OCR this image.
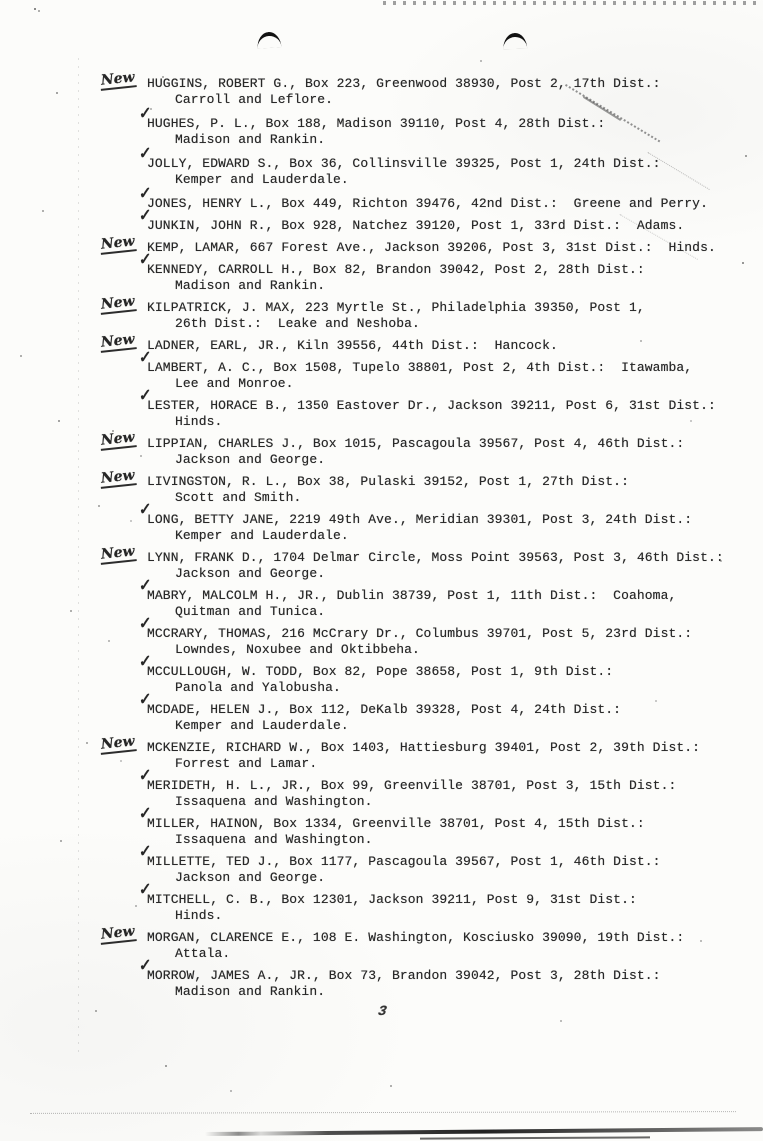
New HUGGINS, ROBERT G., Box 223, Greenwood 38930, Post 2, 17th Dist.:
Carroll and Leflore.
✓
HUGHES, P. L., Box 188, Madison 39110, Post 4, 28th Dist.:
Madison and Rankin.
✓
JOLLY, EDWARD S., Box 36, Collinsville 39325, Post 1, 24th Dist.:
Kemper and Lauderdale.
✓
JONES, HENRY L., Box 449, Richton 39476, 42nd Dist.:  Greene and Perry.
✓
JUNKIN, JOHN R., Box 928, Natchez 39120, Post 1, 33rd Dist.:  Adams.
New KEMP, LAMAR, 667 Forest Ave., Jackson 39206, Post 3, 31st Dist.:  Hinds.
✓
KENNEDY, CARROLL H., Box 82, Brandon 39042, Post 2, 28th Dist.:
Madison and Rankin.
New KILPATRICK, J. MAX, 223 Myrtle St., Philadelphia 39350, Post 1,
26th Dist.:  Leake and Neshoba.
New LADNER, EARL, JR., Kiln 39556, 44th Dist.:  Hancock.
✓
LAMBERT, A. C., Box 1508, Tupelo 38801, Post 2, 4th Dist.:  Itawamba,
Lee and Monroe.
✓
LESTER, HORACE B., 1350 Eastover Dr., Jackson 39211, Post 6, 31st Dist.:
Hinds.
New LIPPIAN, CHARLES J., Box 1015, Pascagoula 39567, Post 4, 46th Dist.:
Jackson and George.
New LIVINGSTON, R. L., Box 38, Pulaski 39152, Post 1, 27th Dist.:
Scott and Smith.
✓
LONG, BETTY JANE, 2219 49th Ave., Meridian 39301, Post 3, 24th Dist.:
Kemper and Lauderdale.
New LYNN, FRANK D., 1704 Delmar Circle, Moss Point 39563, Post 3, 46th Dist.:
Jackson and George.
✓
MABRY, MALCOLM H., JR., Dublin 38739, Post 1, 11th Dist.:  Coahoma,
Quitman and Tunica.
✓
MCCRARY, THOMAS, 216 McCrary Dr., Columbus 39701, Post 5, 23rd Dist.:
Lowndes, Noxubee and Oktibbeha.
✓
MCCULLOUGH, W. TODD, Box 82, Pope 38658, Post 1, 9th Dist.:
Panola and Yalobusha.
✓
MCDADE, HELEN J., Box 112, DeKalb 39328, Post 4, 24th Dist.:
Kemper and Lauderdale.
New MCKENZIE, RICHARD W., Box 1403, Hattiesburg 39401, Post 2, 39th Dist.:
Forrest and Lamar.
✓
MERIDETH, H. L., JR., Box 99, Greenville 38701, Post 3, 15th Dist.:
Issaquena and Washington.
✓
MILLER, HAINON, Box 1334, Greenville 38701, Post 4, 15th Dist.:
Issaquena and Washington.
✓
MILLETTE, TED J., Box 1177, Pascagoula 39567, Post 1, 46th Dist.:
Jackson and George.
✓
MITCHELL, C. B., Box 12301, Jackson 39211, Post 9, 31st Dist.:
Hinds.
New MORGAN, CLARENCE E., 108 E. Washington, Kosciusko 39090, 19th Dist.:
Attala.
✓
MORROW, JAMES A., JR., Box 73, Brandon 39042, Post 3, 28th Dist.:
Madison and Rankin.
3
